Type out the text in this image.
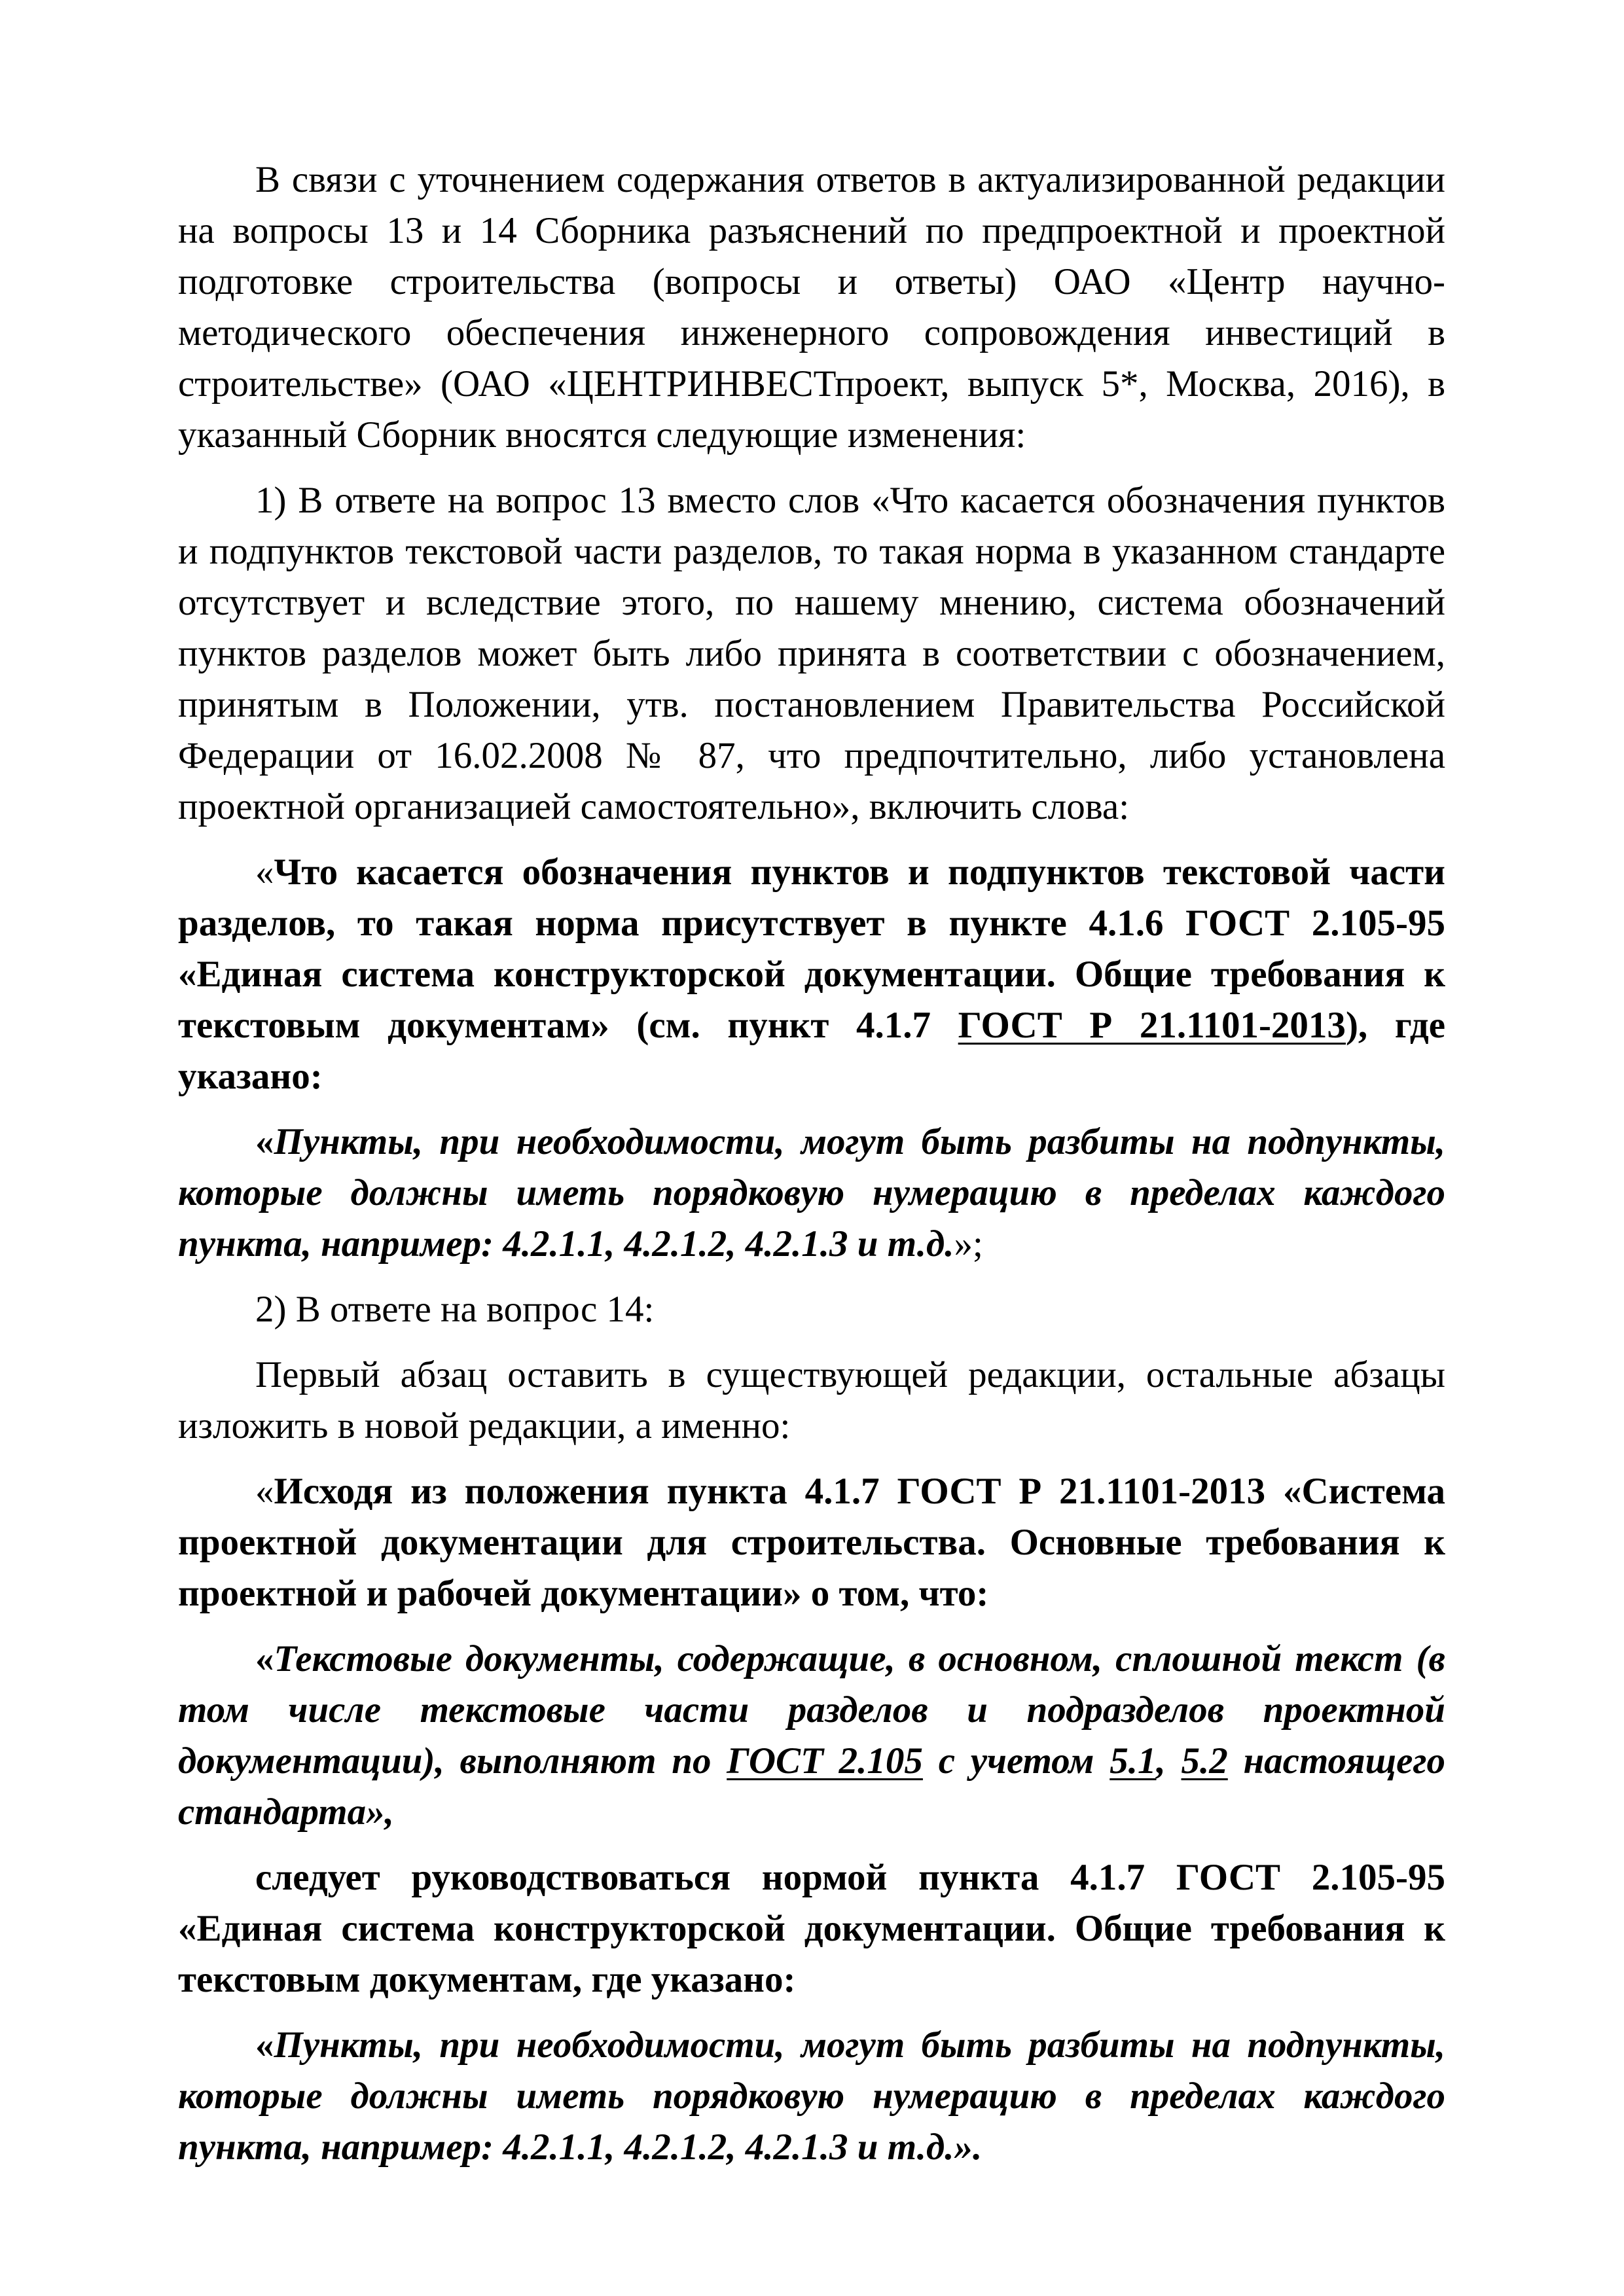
В связи с уточнением содержания ответов в актуализированной редакции на вопросы 13 и 14 Сборника разъяснений по предпроектной и проектной подготовке строительства (вопросы и ответы) ОАО «Центр научно-методического обеспечения инженерного сопровождения инвестиций в строительстве» (ОАО «ЦЕНТРИНВЕСТпроект, выпуск 5*, Москва, 2016), в указанный Сборник вносятся следующие изменения:

1) В ответе на вопрос 13 вместо слов «Что касается обозначения пунктов и подпунктов текстовой части разделов, то такая норма в указанном стандарте отсутствует и вследствие этого, по нашему мнению, система обозначений пунктов разделов может быть либо принята в соответствии с обозначением, принятым в Положении, утв. постановлением Правительства Российской Федерации от 16.02.2008 № 87, что предпочтительно, либо установлена проектной организацией самостоятельно», включить слова:

«Что касается обозначения пунктов и подпунктов текстовой части разделов, то такая норма присутствует в пункте 4.1.6 ГОСТ 2.105-95 «Единая система конструкторской документации. Общие требования к текстовым документам» (см. пункт 4.1.7 ГОСТ Р 21.1101-2013), где указано:

«Пункты, при необходимости, могут быть разбиты на подпункты, которые должны иметь порядковую нумерацию в пределах каждого пункта, например: 4.2.1.1, 4.2.1.2, 4.2.1.3 и т.д.»;

2) В ответе на вопрос 14:

Первый абзац оставить в существующей редакции, остальные абзацы изложить в новой редакции, а именно:

«Исходя из положения пункта 4.1.7 ГОСТ Р 21.1101-2013 «Система проектной документации для строительства. Основные требования к проектной и рабочей документации» о том, что:

«Текстовые документы, содержащие, в основном, сплошной текст (в том числе текстовые части разделов и подразделов проектной документации), выполняют по ГОСТ 2.105 с учетом 5.1, 5.2 настоящего стандарта»,

следует руководствоваться нормой пункта 4.1.7 ГОСТ 2.105-95 «Единая система конструкторской документации. Общие требования к текстовым документам, где указано:

«Пункты, при необходимости, могут быть разбиты на подпункты, которые должны иметь порядковую нумерацию в пределах каждого пункта, например: 4.2.1.1, 4.2.1.2, 4.2.1.3 и т.д.».
